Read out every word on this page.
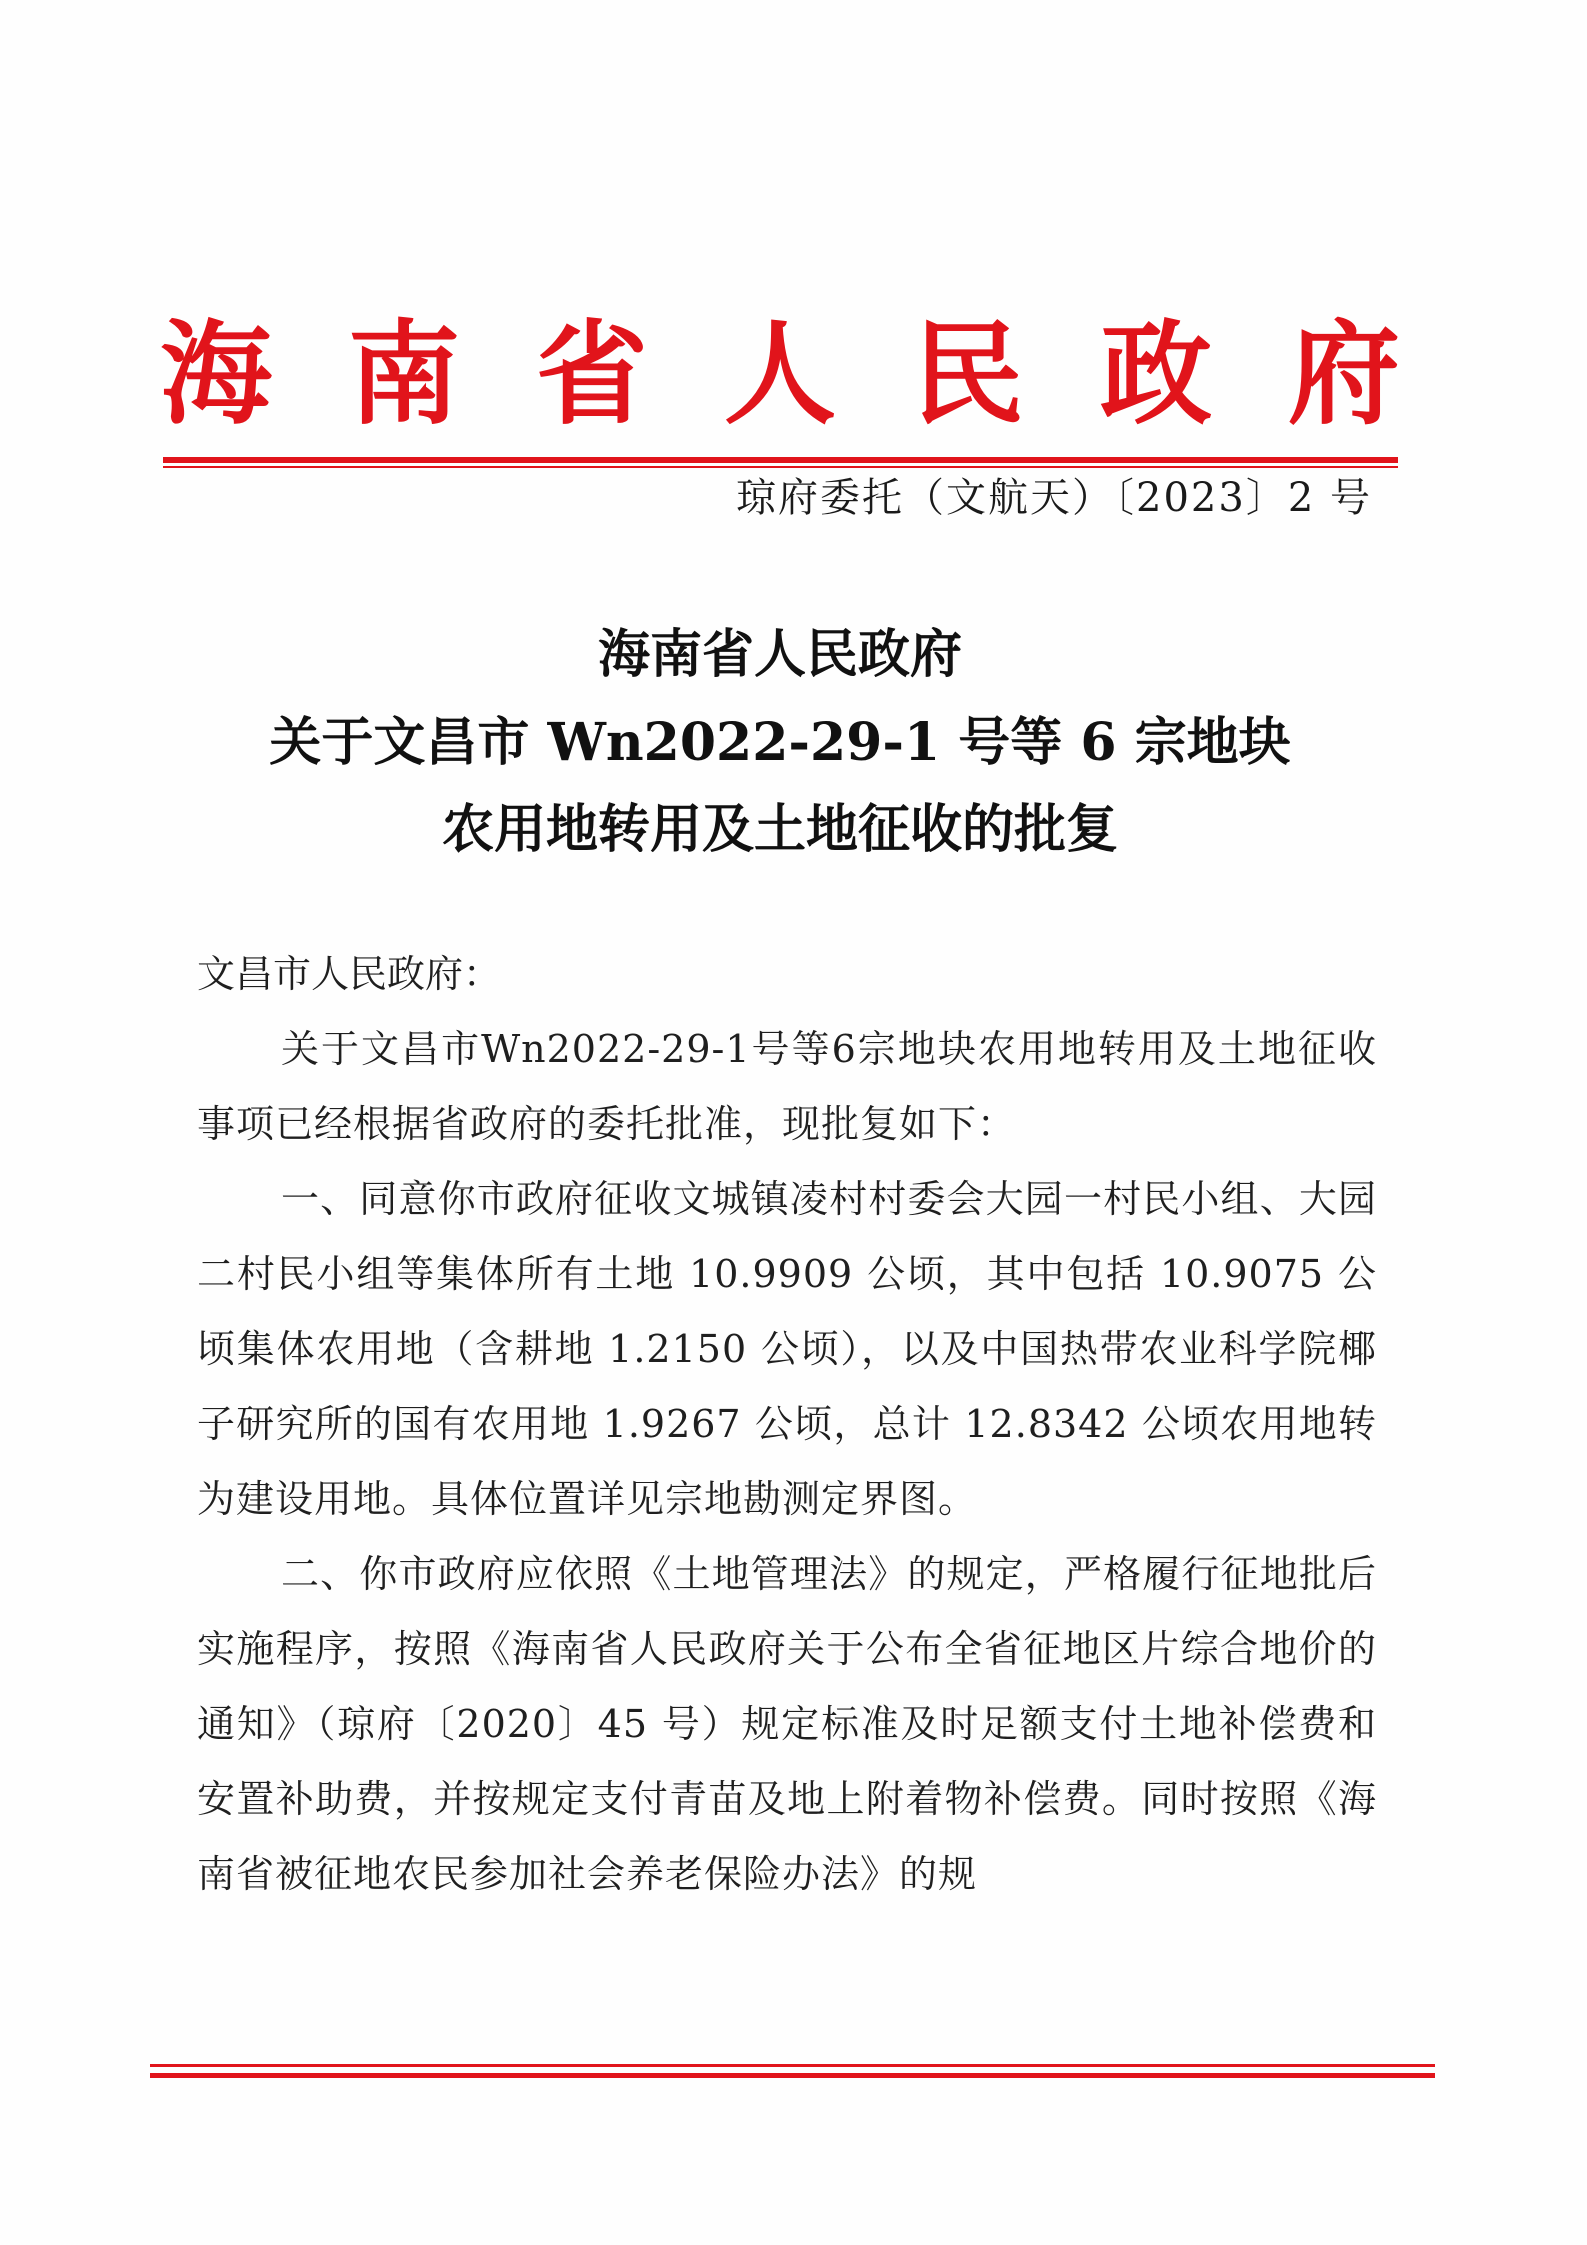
海 南 省 人 民 政 府
琼府委托（文航天）〔2023〕2 号
海南省人民政府
关于文昌市 Wn2022-29-1 号等 6 宗地块
农用地转用及土地征收的批复
文昌市人民政府：

关于文昌市Wn2022-29-1号等6宗地块农用地转用及土地征收事项已经根据省政府的委托批准，现批复如下：

一、同意你市政府征收文城镇凌村村委会大园一村民小组、大园二村民小组等集体所有土地 10.9909 公顷，其中包括 10.9075 公顷集体农用地（含耕地 1.2150 公顷），以及中国热带农业科学院椰子研究所的国有农用地 1.9267 公顷，总计 12.8342 公顷农用地转为建设用地。具体位置详见宗地勘测定界图。

二、你市政府应依照《土地管理法》的规定，严格履行征地批后实施程序，按照《海南省人民政府关于公布全省征地区片综合地价的通知》（琼府〔2020〕45 号）规定标准及时足额支付土地补偿费和安置补助费，并按规定支付青苗及地上附着物补偿费。同时按照《海南省被征地农民参加社会养老保险办法》的规
